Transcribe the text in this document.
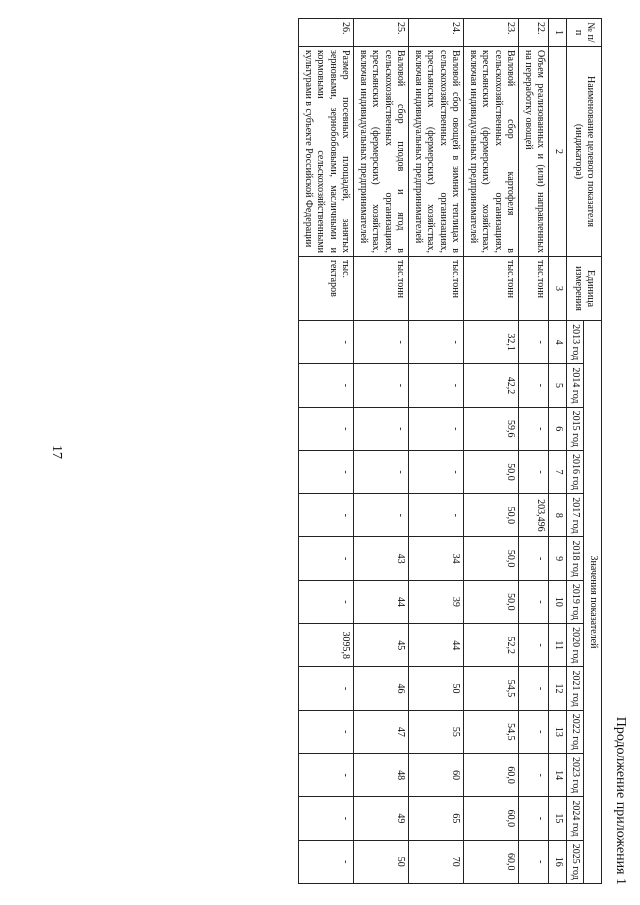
17
Продолжение приложения 1
№ п/п	Наименование целевого показателя (индикатора)	Единица измерения	Значения показателей												
			2013 год	2014 год	2015 год	2016 год	2017 год	2018 год	2019 год	2020 год	2021 год	2022 год	2023 год	2024 год	2025 год
1	2	3	4	5	6	7	8	9	10	11	12	13	14	15	16
22.	Объем реализованных и (или) направленных на переработку овощей	тыс.тонн	-	-	-	-	203,496	-	-	-	-	-	-	-	-
23.	Валовой сбор картофеля в сельскохозяйственных организациях, крестьянских (фермерских) хозяйствах, включая индивидуальных предпринимателей	тыс.тонн	32,1	42,2	59,6	50,0	50,0	50,0	50,0	52,2	54,5	54,5	60,0	60,0	60,0
24.	Валовой сбор овощей в зимних теплицах в сельскохозяйственных организациях, крестьянских (фермерских) хозяйствах, включая индивидуальных предпринимателей	тыс.тонн	-	-	-	-	-	34	39	44	50	55	60	65	70
25.	Валовой сбор плодов и ягод в сельскохозяйственных организациях, крестьянских (фермерских) хозяйствах, включая индивидуальных предпринимателей	тыс.тонн	-	-	-	-	-	43	44	45	46	47	48	49	50
26.	Размер посевных площадей, занятых зерновыми, зернобобовыми, масличными и кормовыми сельскохозяйственными культурами в субъекте Российской Федерации	тыс. гектаров	-	-	-	-	-	-	-	3095,8	-	-	-	-	-
